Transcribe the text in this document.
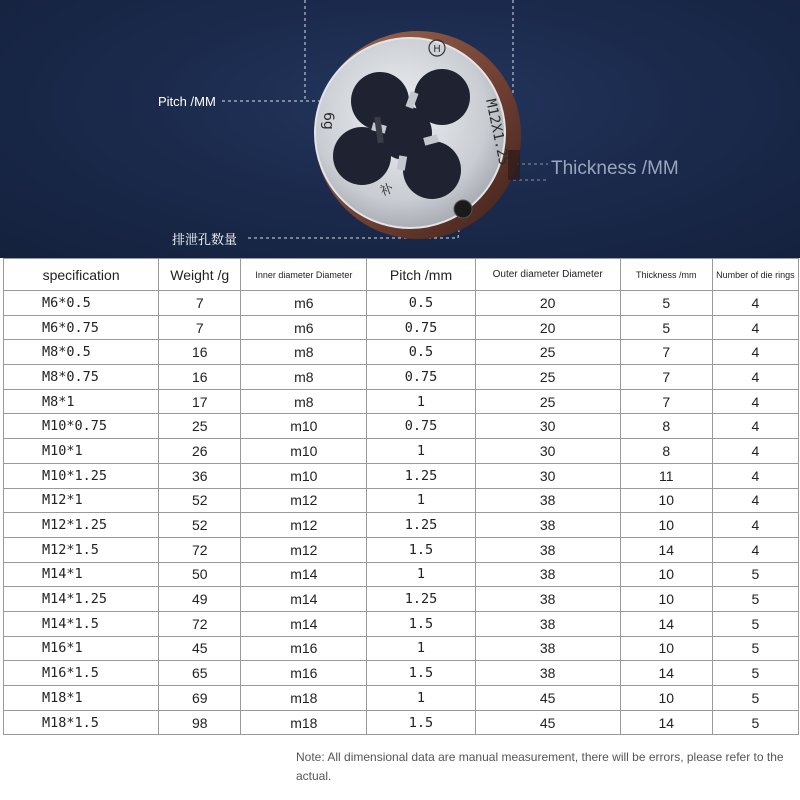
H
M12X1.25
6g
补
Pitch /MM
排泄孔数量
Thickness /MM
specification	Weight /g	Inner diameter Diameter	Pitch /mm	Outer diameter Diameter	Thickness /mm	Number of die rings
M6*0.5	7	m6	0.5	20	5	4
M6*0.75	7	m6	0.75	20	5	4
M8*0.5	16	m8	0.5	25	7	4
M8*0.75	16	m8	0.75	25	7	4
M8*1	17	m8	1	25	7	4
M10*0.75	25	m10	0.75	30	8	4
M10*1	26	m10	1	30	8	4
M10*1.25	36	m10	1.25	30	11	4
M12*1	52	m12	1	38	10	4
M12*1.25	52	m12	1.25	38	10	4
M12*1.5	72	m12	1.5	38	14	4
M14*1	50	m14	1	38	10	5
M14*1.25	49	m14	1.25	38	10	5
M14*1.5	72	m14	1.5	38	14	5
M16*1	45	m16	1	38	10	5
M16*1.5	65	m16	1.5	38	14	5
M18*1	69	m18	1	45	10	5
M18*1.5	98	m18	1.5	45	14	5
Note: All dimensional data are manual measurement, there will be errors, please refer to the actual.
